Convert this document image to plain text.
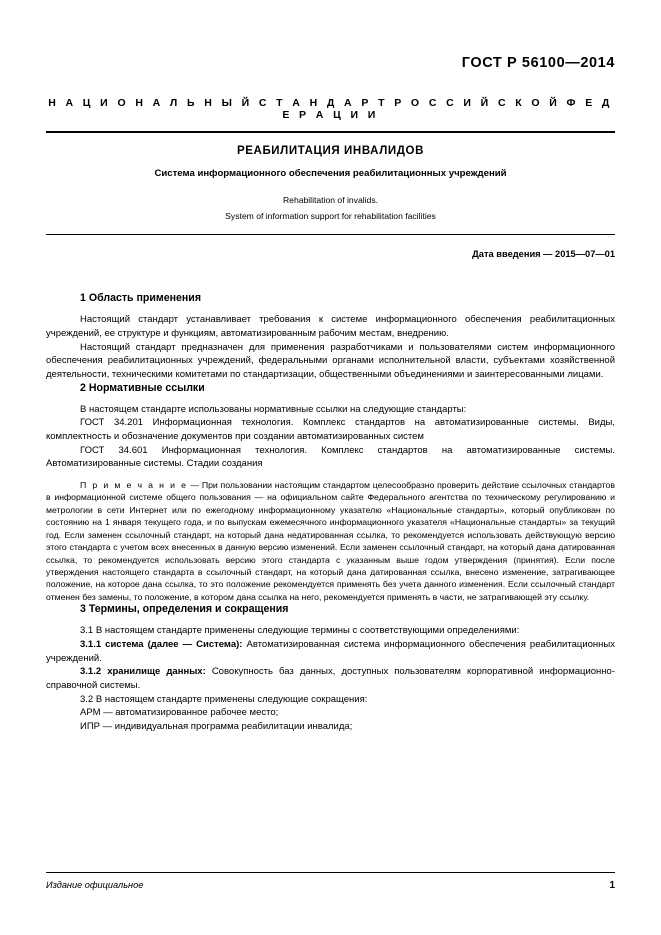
ГОСТ Р 56100—2014
Н А Ц И О Н А Л Ь Н Ы Й С Т А Н Д А Р Т Р О С С И Й С К О Й Ф Е Д Е Р А Ц И И
РЕАБИЛИТАЦИЯ ИНВАЛИДОВ
Система информационного обеспечения реабилитационных учреждений
Rehabilitation of invalids.
System of information support for rehabilitation facilities
Дата введения — 2015—07—01
1 Область применения

Настоящий стандарт устанавливает требования к системе информационного обеспечения реабилитационных учреждений, ее структуре и функциям, автоматизированным рабочим местам, внедрению.

Настоящий стандарт предназначен для применения разработчиками и пользователями систем информационного обеспечения реабилитационных учреждений, федеральными органами исполнительной власти, субъектами хозяйственной деятельности, техническими комитетами по стандартизации, общественными объединениями и заинтересованными лицами.

2 Нормативные ссылки

В настоящем стандарте использованы нормативные ссылки на следующие стандарты:

ГОСТ 34.201 Информационная технология. Комплекс стандартов на автоматизированные системы. Виды, комплектность и обозначение документов при создании автоматизированных систем

ГОСТ 34.601 Информационная технология. Комплекс стандартов на автоматизированные системы. Автоматизированные системы. Стадии создания

П р и м е ч а н и е — При пользовании настоящим стандартом целесообразно проверить действие ссылочных стандартов в информационной системе общего пользования — на официальном сайте Федерального агентства по техническому регулированию и метрологии в сети Интернет или по ежегодному информационному указателю «Национальные стандарты», который опубликован по состоянию на 1 января текущего года, и по выпускам ежемесячного информационного указателя «Национальные стандарты» за текущий год. Если заменен ссылочный стандарт, на который дана недатированная ссылка, то рекомендуется использовать действующую версию этого стандарта с учетом всех внесенных в данную версию изменений. Если заменен ссылочный стандарт, на который дана датированная ссылка, то рекомендуется использовать версию этого стандарта с указанным выше годом утверждения (принятия). Если после утверждения настоящего стандарта в ссылочный стандарт, на который дана датированная ссылка, внесено изменение, затрагивающее положение, на которое дана ссылка, то это положение рекомендуется применять без учета данного изменения. Если ссылочный стандарт отменен без замены, то положение, в котором дана ссылка на него, рекомендуется применять в части, не затрагивающей эту ссылку.

3 Термины, определения и сокращения

3.1 В настоящем стандарте применены следующие термины с соответствующими определениями:

3.1.1 система (далее — Система): Автоматизированная система информационного обеспечения реабилитационных учреждений.

3.1.2 хранилище данных: Совокупность баз данных, доступных пользователям корпоративной информационно-справочной системы.

3.2 В настоящем стандарте применены следующие сокращения:

АРМ — автоматизированное рабочее место;

ИПР — индивидуальная программа реабилитации инвалида;

Издание официальное	1
